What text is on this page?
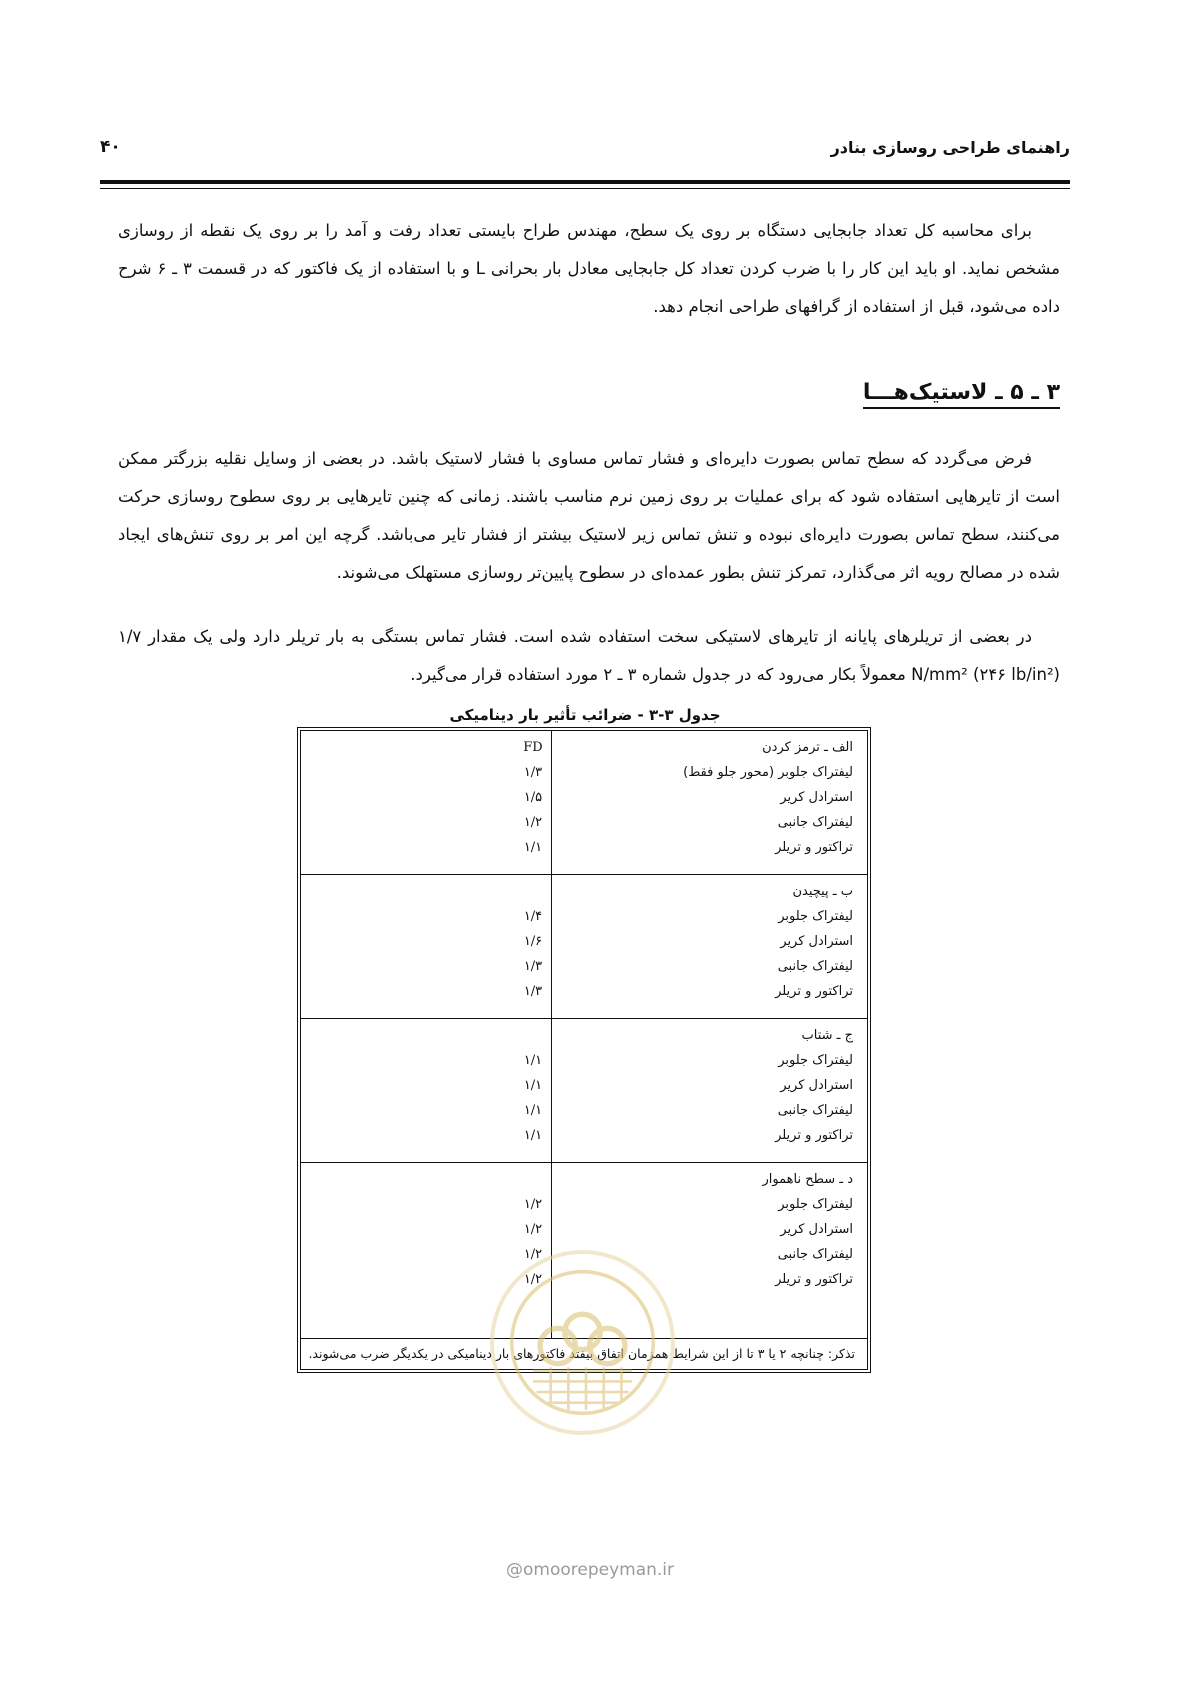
راهنمای طراحی روسازی بنادر
۴۰

برای محاسبه کل تعداد جابجایی دستگاه بر روی یک سطح، مهندس طراح بایستی تعداد رفت و آمد را بر روی یک نقطه از روسازی مشخص نماید. او باید این کار را با ضرب کردن تعداد کل جابجایی معادل بار بحرانی L و با استفاده از یک فاکتور که در قسمت ۳ ـ ۶ شرح داده می‌شود، قبل از استفاده از گرافهای طراحی انجام دهد.

۳ ـ ۵ ـ لاستیک‌هـــا

فرض می‌گردد که سطح تماس بصورت دایره‌ای و فشار تماس مساوی با فشار لاستیک باشد. در بعضی از وسایل نقلیه بزرگتر ممکن است از تایرهایی استفاده شود که برای عملیات بر روی زمین نرم مناسب باشند. زمانی که چنین تایرهایی بر روی سطوح روسازی حرکت می‌کنند، سطح تماس بصورت دایره‌ای نبوده و تنش تماس زیر لاستیک بیشتر از فشار تایر می‌باشد. گرچه این امر بر روی تنش‌های ایجاد شده در مصالح رویه اثر می‌گذارد، تمرکز تنش بطور عمده‌ای در سطوح پایین‌تر روسازی مستهلک می‌شوند.

در بعضی از تریلرهای پایانه از تایرهای لاستیکی سخت استفاده شده است. فشار تماس بستگی به بار تریلر دارد ولی یک مقدار ۱/۷ N/mm² (۲۴۶ lb/in²) معمولاً بکار می‌رود که در جدول شماره ۳ ـ ۲ مورد استفاده قرار می‌گیرد.

جدول ۳-۳ - ضرائب تأثیر بار دینامیکی
الف ـ ترمز کردن
لیفتراک جلوبر (محور جلو فقط)
استرادل کریر
لیفتراک جانبی
تراکتور و تریلر
FD
۱/۳
۱/۵
۱/۲
۱/۱
ب ـ پیچیدن
لیفتراک جلوبر
استرادل کریر
لیفتراک جانبی
تراکتور و تریلر
۱/۴
۱/۶
۱/۳
۱/۳
ج ـ شتاب
لیفتراک جلوبر
استرادل کریر
لیفتراک جانبی
تراکتور و تریلر
۱/۱
۱/۱
۱/۱
۱/۱
د ـ سطح ناهموار
لیفتراک جلوبر
استرادل کریر
لیفتراک جانبی
تراکتور و تریلر
۱/۲
۱/۲
۱/۲
۱/۲
تذکر: چنانچه ۲ یا ۳ تا از این شرایط همزمان اتفاق بیفتد فاکتورهای بار دینامیکی در یکدیگر ضرب می‌شوند.
@omoorepeyman.ir
